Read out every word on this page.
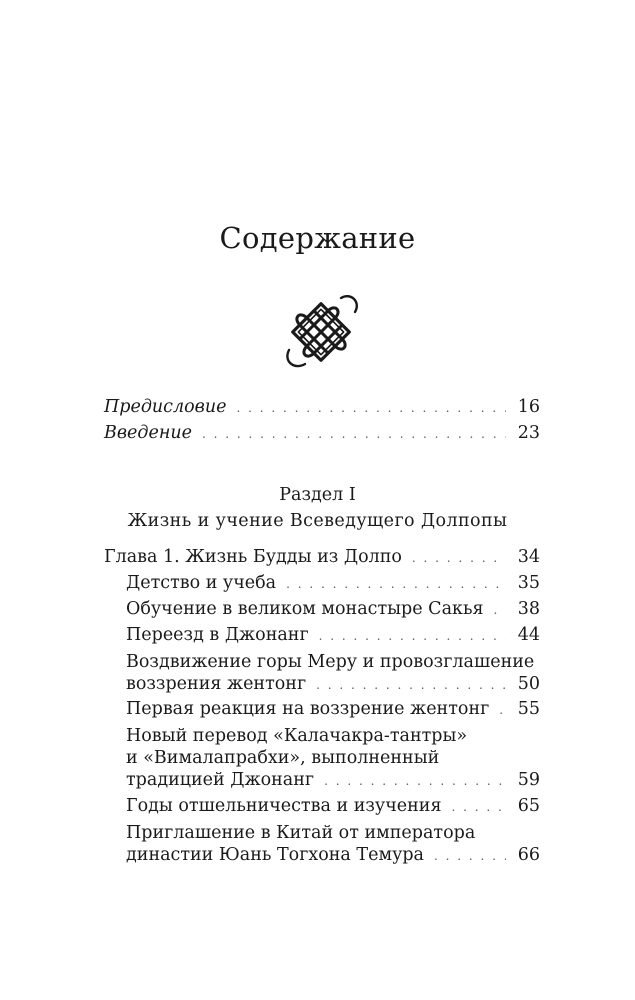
Содержание
Предисловие . . .	16
Введение . . .	23
Раздел I
Жизнь и учение Всеведущего Долпопы
Глава 1. Жизнь Будды из Долпо . . .	34
Детство и учеба . . .	35
Обучение в великом монастыре Сакья . . . 38
Переезд в Джонанг . . .	44
Воздвижение горы Меру и провозглашение
воззрения жентонг . . .	50
Первая реакция на воззрение жентонг . . . 55
Новый перевод «Калачакра-тантры»
и «Вималапрабхи», выполненный
традицией Джонанг . . .	59
Годы отшельничества и изучения . . .	65
Приглашение в Китай от императора
династии Юань Тогхона Темура . . .	66
